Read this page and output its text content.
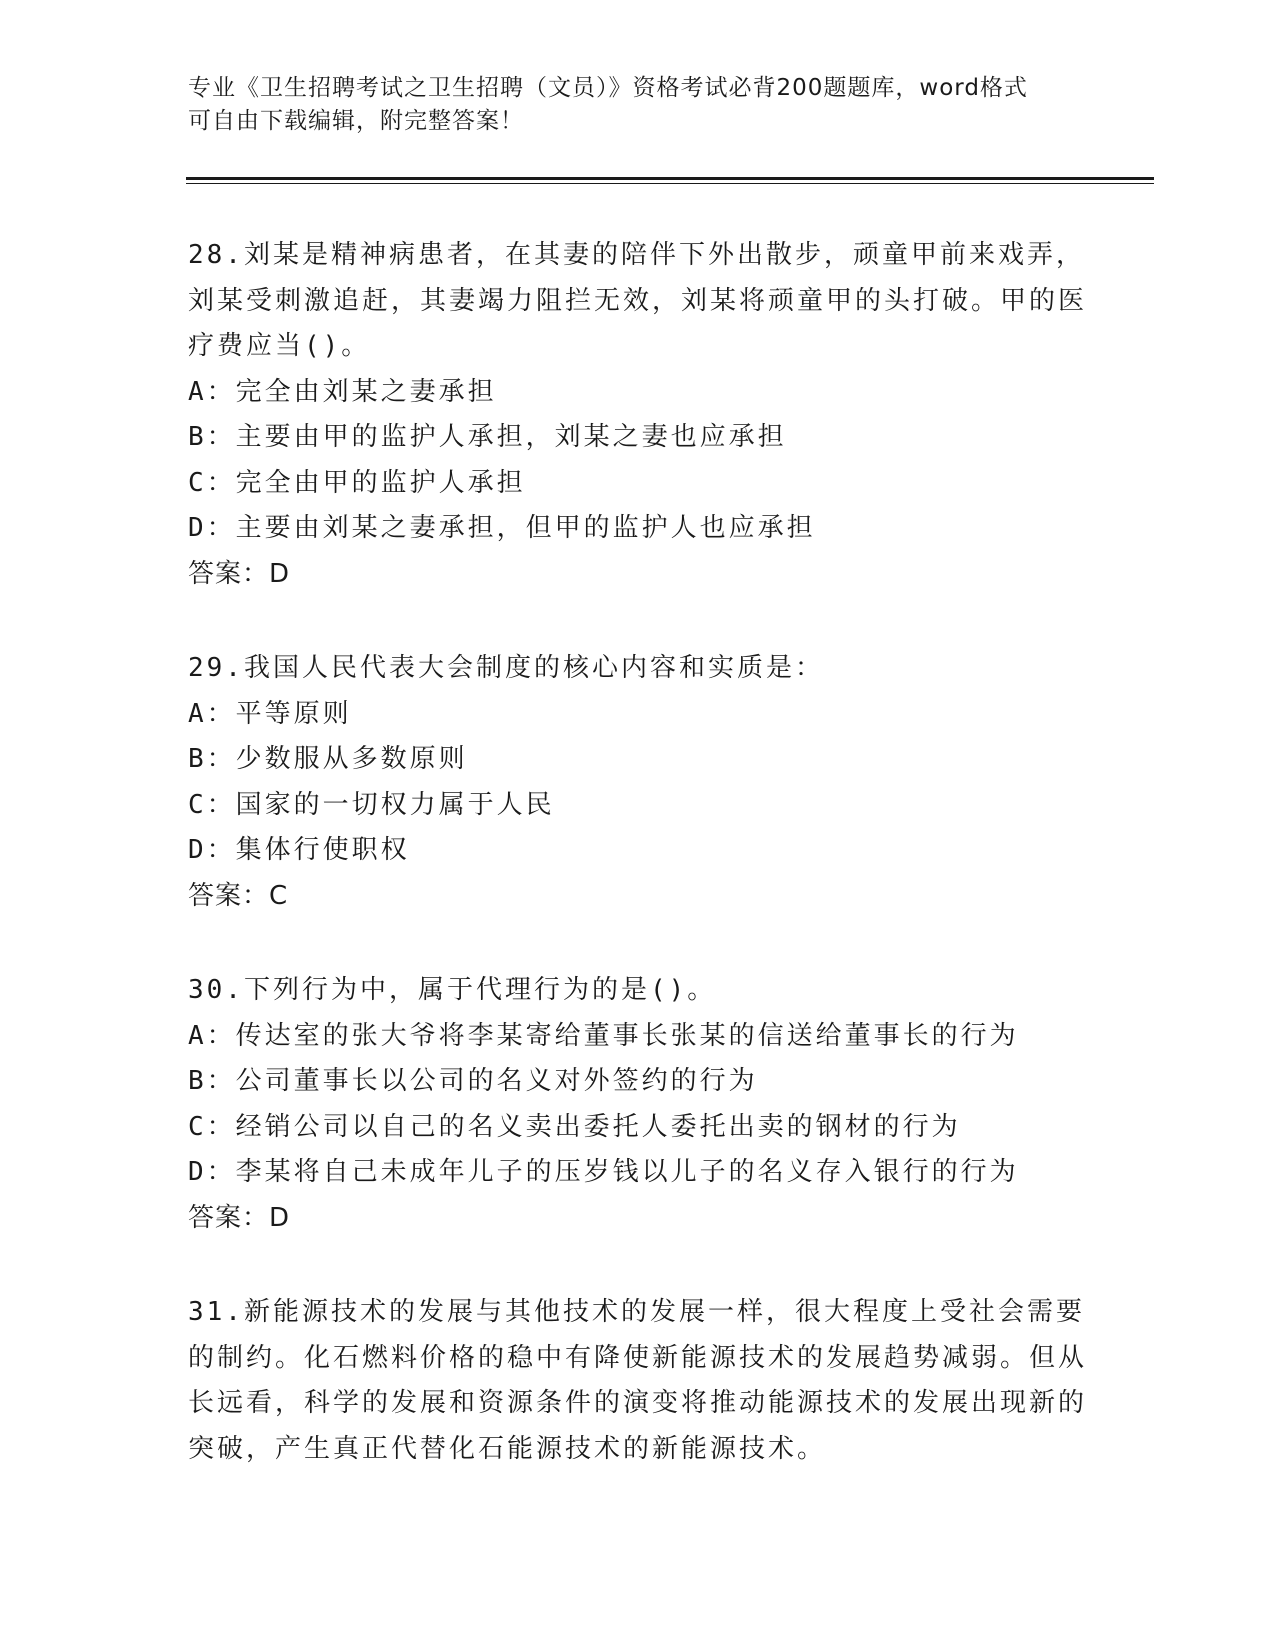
专业《卫生招聘考试之卫生招聘（文员）》资格考试必背200题题库，word格式
可自由下载编辑，附完整答案！

28.刘某是精神病患者，在其妻的陪伴下外出散步，顽童甲前来戏弄，刘某受刺激追赶，其妻竭力阻拦无效，刘某将顽童甲的头打破。甲的医疗费应当()。

A：完全由刘某之妻承担

B：主要由甲的监护人承担，刘某之妻也应承担

C：完全由甲的监护人承担

D：主要由刘某之妻承担，但甲的监护人也应承担

答案：D

29.我国人民代表大会制度的核心内容和实质是：

A：平等原则

B：少数服从多数原则

C：国家的一切权力属于人民

D：集体行使职权

答案：C

30.下列行为中，属于代理行为的是()。

A：传达室的张大爷将李某寄给董事长张某的信送给董事长的行为

B：公司董事长以公司的名义对外签约的行为

C：经销公司以自己的名义卖出委托人委托出卖的钢材的行为

D：李某将自己未成年儿子的压岁钱以儿子的名义存入银行的行为

答案：D

31.新能源技术的发展与其他技术的发展一样，很大程度上受社会需要的制约。化石燃料价格的稳中有降使新能源技术的发展趋势减弱。但从长远看，科学的发展和资源条件的演变将推动能源技术的发展出现新的突破，产生真正代替化石能源技术的新能源技术。
